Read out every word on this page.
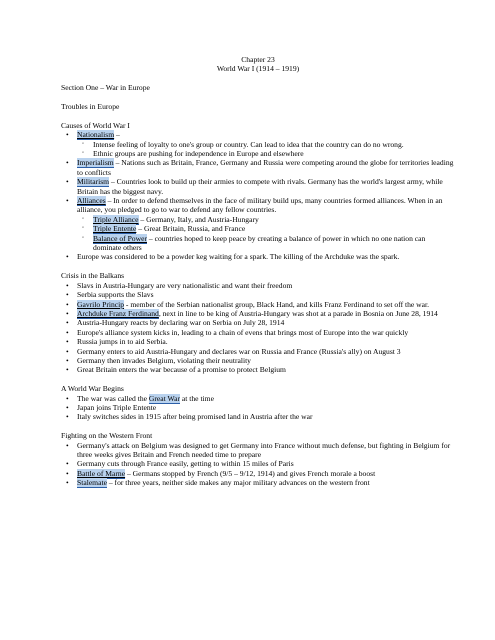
Chapter 23
World War I (1914 – 1919)
Section One – War in Europe
Troubles in Europe
Causes of World War I
• Nationalism –
◦ Intense feeling of loyalty to one's group or country. Can lead to idea that the country can do no wrong.
◦ Ethnic groups are pushing for independence in Europe and elsewhere
• Imperialism – Nations such as Britain, France, Germany and Russia were competing around the globe for territories leading to conflicts
• Militarism – Countries look to build up their armies to compete with rivals. Germany has the world's largest army, while Britain has the biggest navy.
• Alliances – In order to defend themselves in the face of military build ups, many countries formed alliances. When in an alliance, you pledged to go to war to defend any fellow countries.
◦ Triple Alliance – Germany, Italy, and Austria-Hungary
◦ Triple Entente – Great Britain, Russia, and France
◦ Balance of Power – countries hoped to keep peace by creating a balance of power in which no one nation can dominate others
• Europe was considered to be a powder keg waiting for a spark. The killing of the Archduke was the spark.
Crisis in the Balkans
• Slavs in Austria-Hungary are very nationalistic and want their freedom
• Serbia supports the Slavs
• Gavrilo Princip - member of the Serbian nationalist group, Black Hand, and kills Franz Ferdinand to set off the war.
• Archduke Franz Ferdinand, next in line to be king of Austria-Hungary was shot at a parade in Bosnia on June 28, 1914
• Austria-Hungary reacts by declaring war on Serbia on July 28, 1914
• Europe's alliance system kicks in, leading to a chain of evens that brings most of Europe into the war quickly
• Russia jumps in to aid Serbia.
• Germany enters to aid Austria-Hungary and declares war on Russia and France (Russia's ally) on August 3
• Germany then invades Belgium, violating their neutrality
• Great Britain enters the war because of a promise to protect Belgium
A World War Begins
• The war was called the Great War at the time
• Japan joins Triple Entente
• Italy switches sides in 1915 after being promised land in Austria after the war
Fighting on the Western Front
• Germany's attack on Belgium was designed to get Germany into France without much defense, but fighting in Belgium for three weeks gives Britain and French needed time to prepare
• Germany cuts through France easily, getting to within 15 miles of Paris
• Battle of Marne – Germans stopped by French (9/5 – 9/12, 1914) and gives French morale a boost
• Stalemate – for three years, neither side makes any major military advances on the western front
